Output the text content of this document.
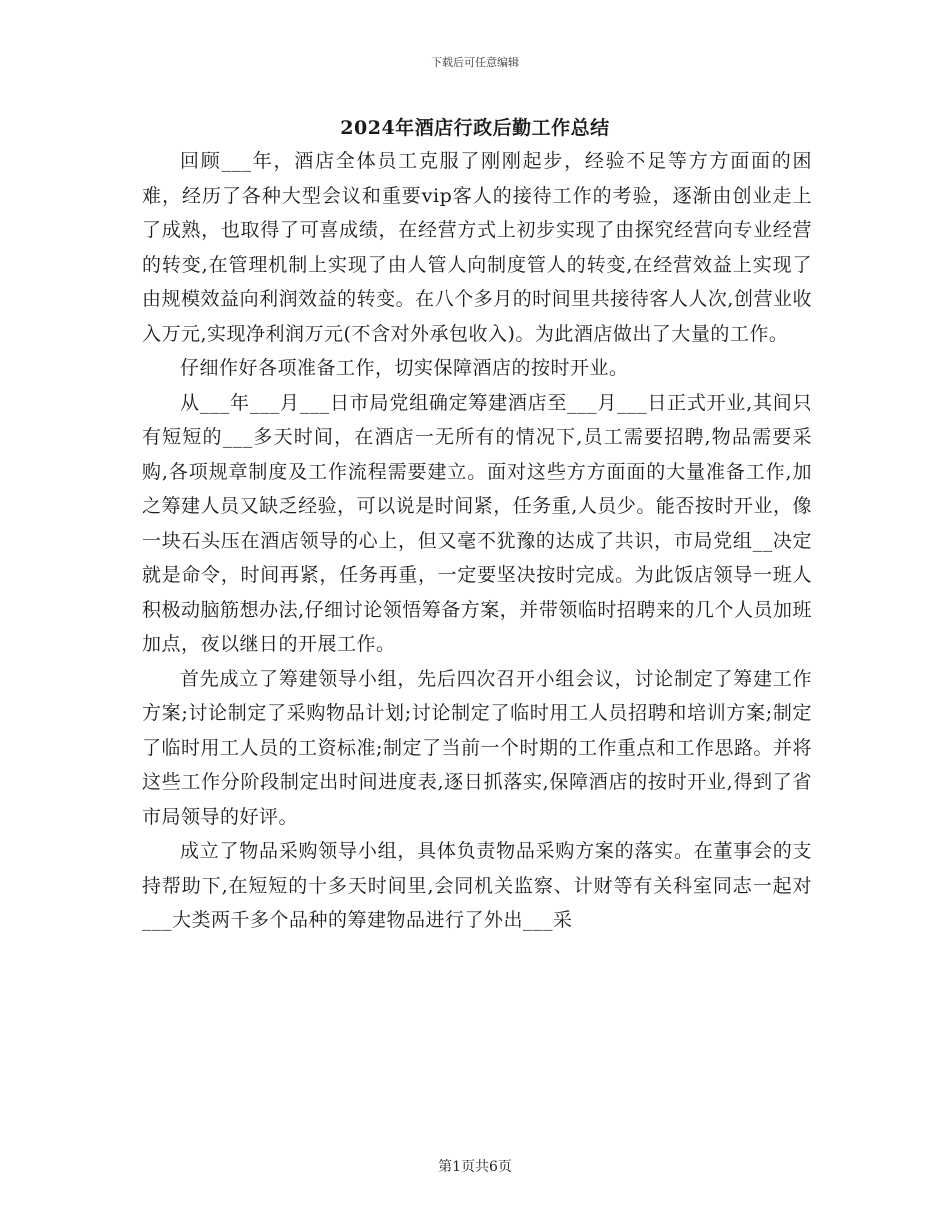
下载后可任意编辑
2024年酒店行政后勤工作总结

回顾___年，酒店全体员工克服了刚刚起步，经验不足等方方面面的困难，经历了各种大型会议和重要vip客人的接待工作的考验，逐渐由创业走上了成熟，也取得了可喜成绩，在经营方式上初步实现了由探究经营向专业经营的转变,在管理机制上实现了由人管人向制度管人的转变,在经营效益上实现了由规模效益向利润效益的转变。在八个多月的时间里共接待客人人次,创营业收入万元,实现净利润万元(不含对外承包收入)。为此酒店做出了大量的工作。

仔细作好各项准备工作，切实保障酒店的按时开业。

从___年___月___日市局党组确定筹建酒店至___月___日正式开业,其间只有短短的___多天时间，在酒店一无所有的情况下,员工需要招聘,物品需要采购,各项规章制度及工作流程需要建立。面对这些方方面面的大量准备工作,加之筹建人员又缺乏经验，可以说是时间紧，任务重,人员少。能否按时开业，像一块石头压在酒店领导的心上，但又毫不犹豫的达成了共识，市局党组__决定就是命令，时间再紧，任务再重，一定要坚决按时完成。为此饭店领导一班人积极动脑筋想办法,仔细讨论领悟筹备方案，并带领临时招聘来的几个人员加班加点，夜以继日的开展工作。

首先成立了筹建领导小组，先后四次召开小组会议，讨论制定了筹建工作方案;讨论制定了采购物品计划;讨论制定了临时用工人员招聘和培训方案;制定了临时用工人员的工资标准;制定了当前一个时期的工作重点和工作思路。并将这些工作分阶段制定出时间进度表,逐日抓落实,保障酒店的按时开业,得到了省市局领导的好评。

成立了物品采购领导小组，具体负责物品采购方案的落实。在董事会的支持帮助下,在短短的十多天时间里,会同机关监察、计财等有关科室同志一起对___大类两千多个品种的筹建物品进行了外出___采

第1页共6页
